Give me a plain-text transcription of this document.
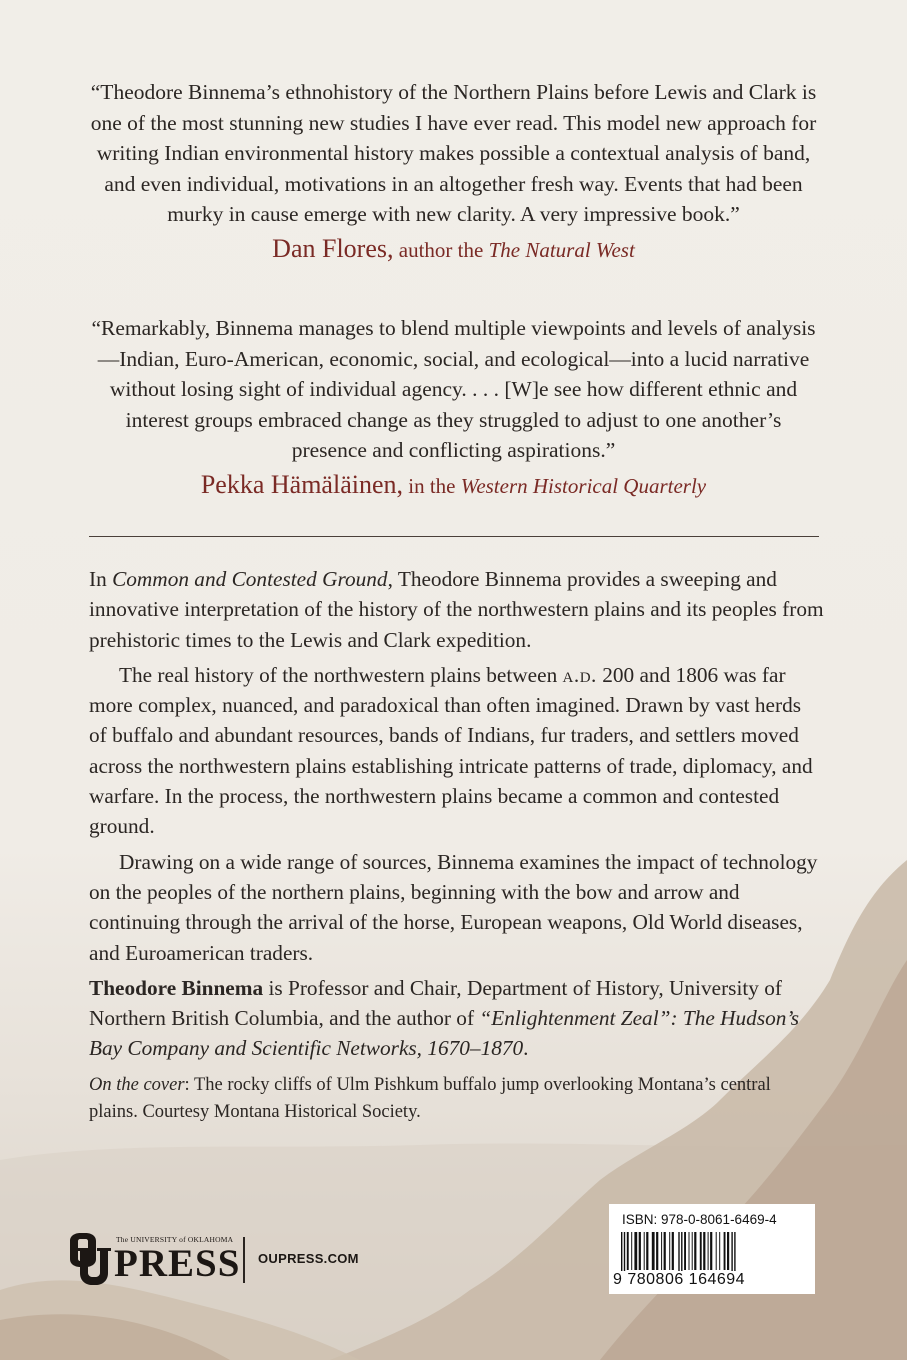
“Theodore Binnema’s ethnohistory of the Northern Plains before Lewis and Clark is one of the most stunning new studies I have ever read. This model new approach for writing Indian environmental history makes possible a contextual analysis of band, and even individual, motivations in an altogether fresh way. Events that had been murky in cause emerge with new clarity. A very impressive book.”

Dan Flores, author the The Natural West

“Remarkably, Binnema manages to blend multiple viewpoints and levels of analysis—Indian, Euro-American, economic, social, and ecological—into a lucid narrative without losing sight of individual agency. . . . [W]e see how different ethnic and interest groups embraced change as they struggled to adjust to one another’s presence and conflicting aspirations.”

Pekka Hämäläinen, in the Western Historical Quarterly

In Common and Contested Ground, Theodore Binnema provides a sweeping and innovative interpretation of the history of the northwestern plains and its peoples from prehistoric times to the Lewis and Clark expedition.

The real history of the northwestern plains between a.d. 200 and 1806 was far more complex, nuanced, and paradoxical than often imagined. Drawn by vast herds of buffalo and abundant resources, bands of Indians, fur traders, and settlers moved across the northwestern plains establishing intricate patterns of trade, diplomacy, and warfare. In the process, the northwestern plains became a common and contested ground.

Drawing on a wide range of sources, Binnema examines the impact of technology on the peoples of the northern plains, beginning with the bow and arrow and continuing through the arrival of the horse, European weapons, Old World diseases, and Euroamerican traders.

Theodore Binnema is Professor and Chair, Department of History, University of Northern British Columbia, and the author of “Enlightenment Zeal”: The Hudson’s Bay Company and Scientific Networks, 1670–1870.

On the cover: The rocky cliffs of Ulm Pishkum buffalo jump overlooking Montana’s central plains. Courtesy Montana Historical Society.

The UNIVERSITY of OKLAHOMA
PRESS OUPRESS.COM
ISBN: 978-0-8061-6469-4
9 780806 164694
